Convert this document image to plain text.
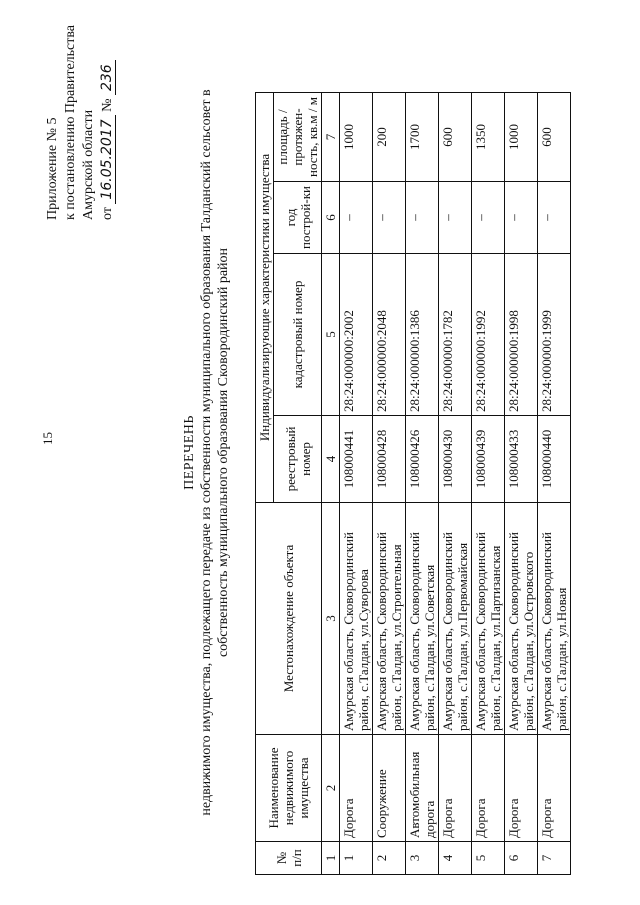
15
Приложение № 5 к постановлению Правительства Амурской области от 16.05.2017 № 236
ПЕРЕЧЕНЬ недвижимого имущества, подлежащего передаче из собственности муниципального образования Талданский сельсовет в собственность муниципального образования Сковородинский район
№ п/п	Наименование недвижимого имущества	Местонахождение объекта	Индивидуализирующие характеристики имущества			
			реестровый номер	кадастровый номер	год построй-ки	площадь / протяжен-ность, кв.м / м
1	2	3	4	5	6	7
1	Дорога	Амурская область, Сковородинский район, с.Талдан, ул.Суворова	108000441	28:24:000000:2002	–	1000
2	Сооружение	Амурская область, Сковородинский район, с.Талдан, ул.Строительная	108000428	28:24:000000:2048	–	200
3	Автомобильная дорога	Амурская область, Сковородинский район, с.Талдан, ул.Советская	108000426	28:24:000000:1386	–	1700
4	Дорога	Амурская область, Сковородинский район, с.Талдан, ул.Первомайская	108000430	28:24:000000:1782	–	600
5	Дорога	Амурская область, Сковородинский район, с.Талдан, ул.Партизанская	108000439	28:24:000000:1992	–	1350
6	Дорога	Амурская область, Сковородинский район, с.Талдан, ул.Островского	108000433	28:24:000000:1998	–	1000
7	Дорога	Амурская область, Сковородинский район, с.Талдан, ул.Новая	108000440	28:24:000000:1999	–	600
